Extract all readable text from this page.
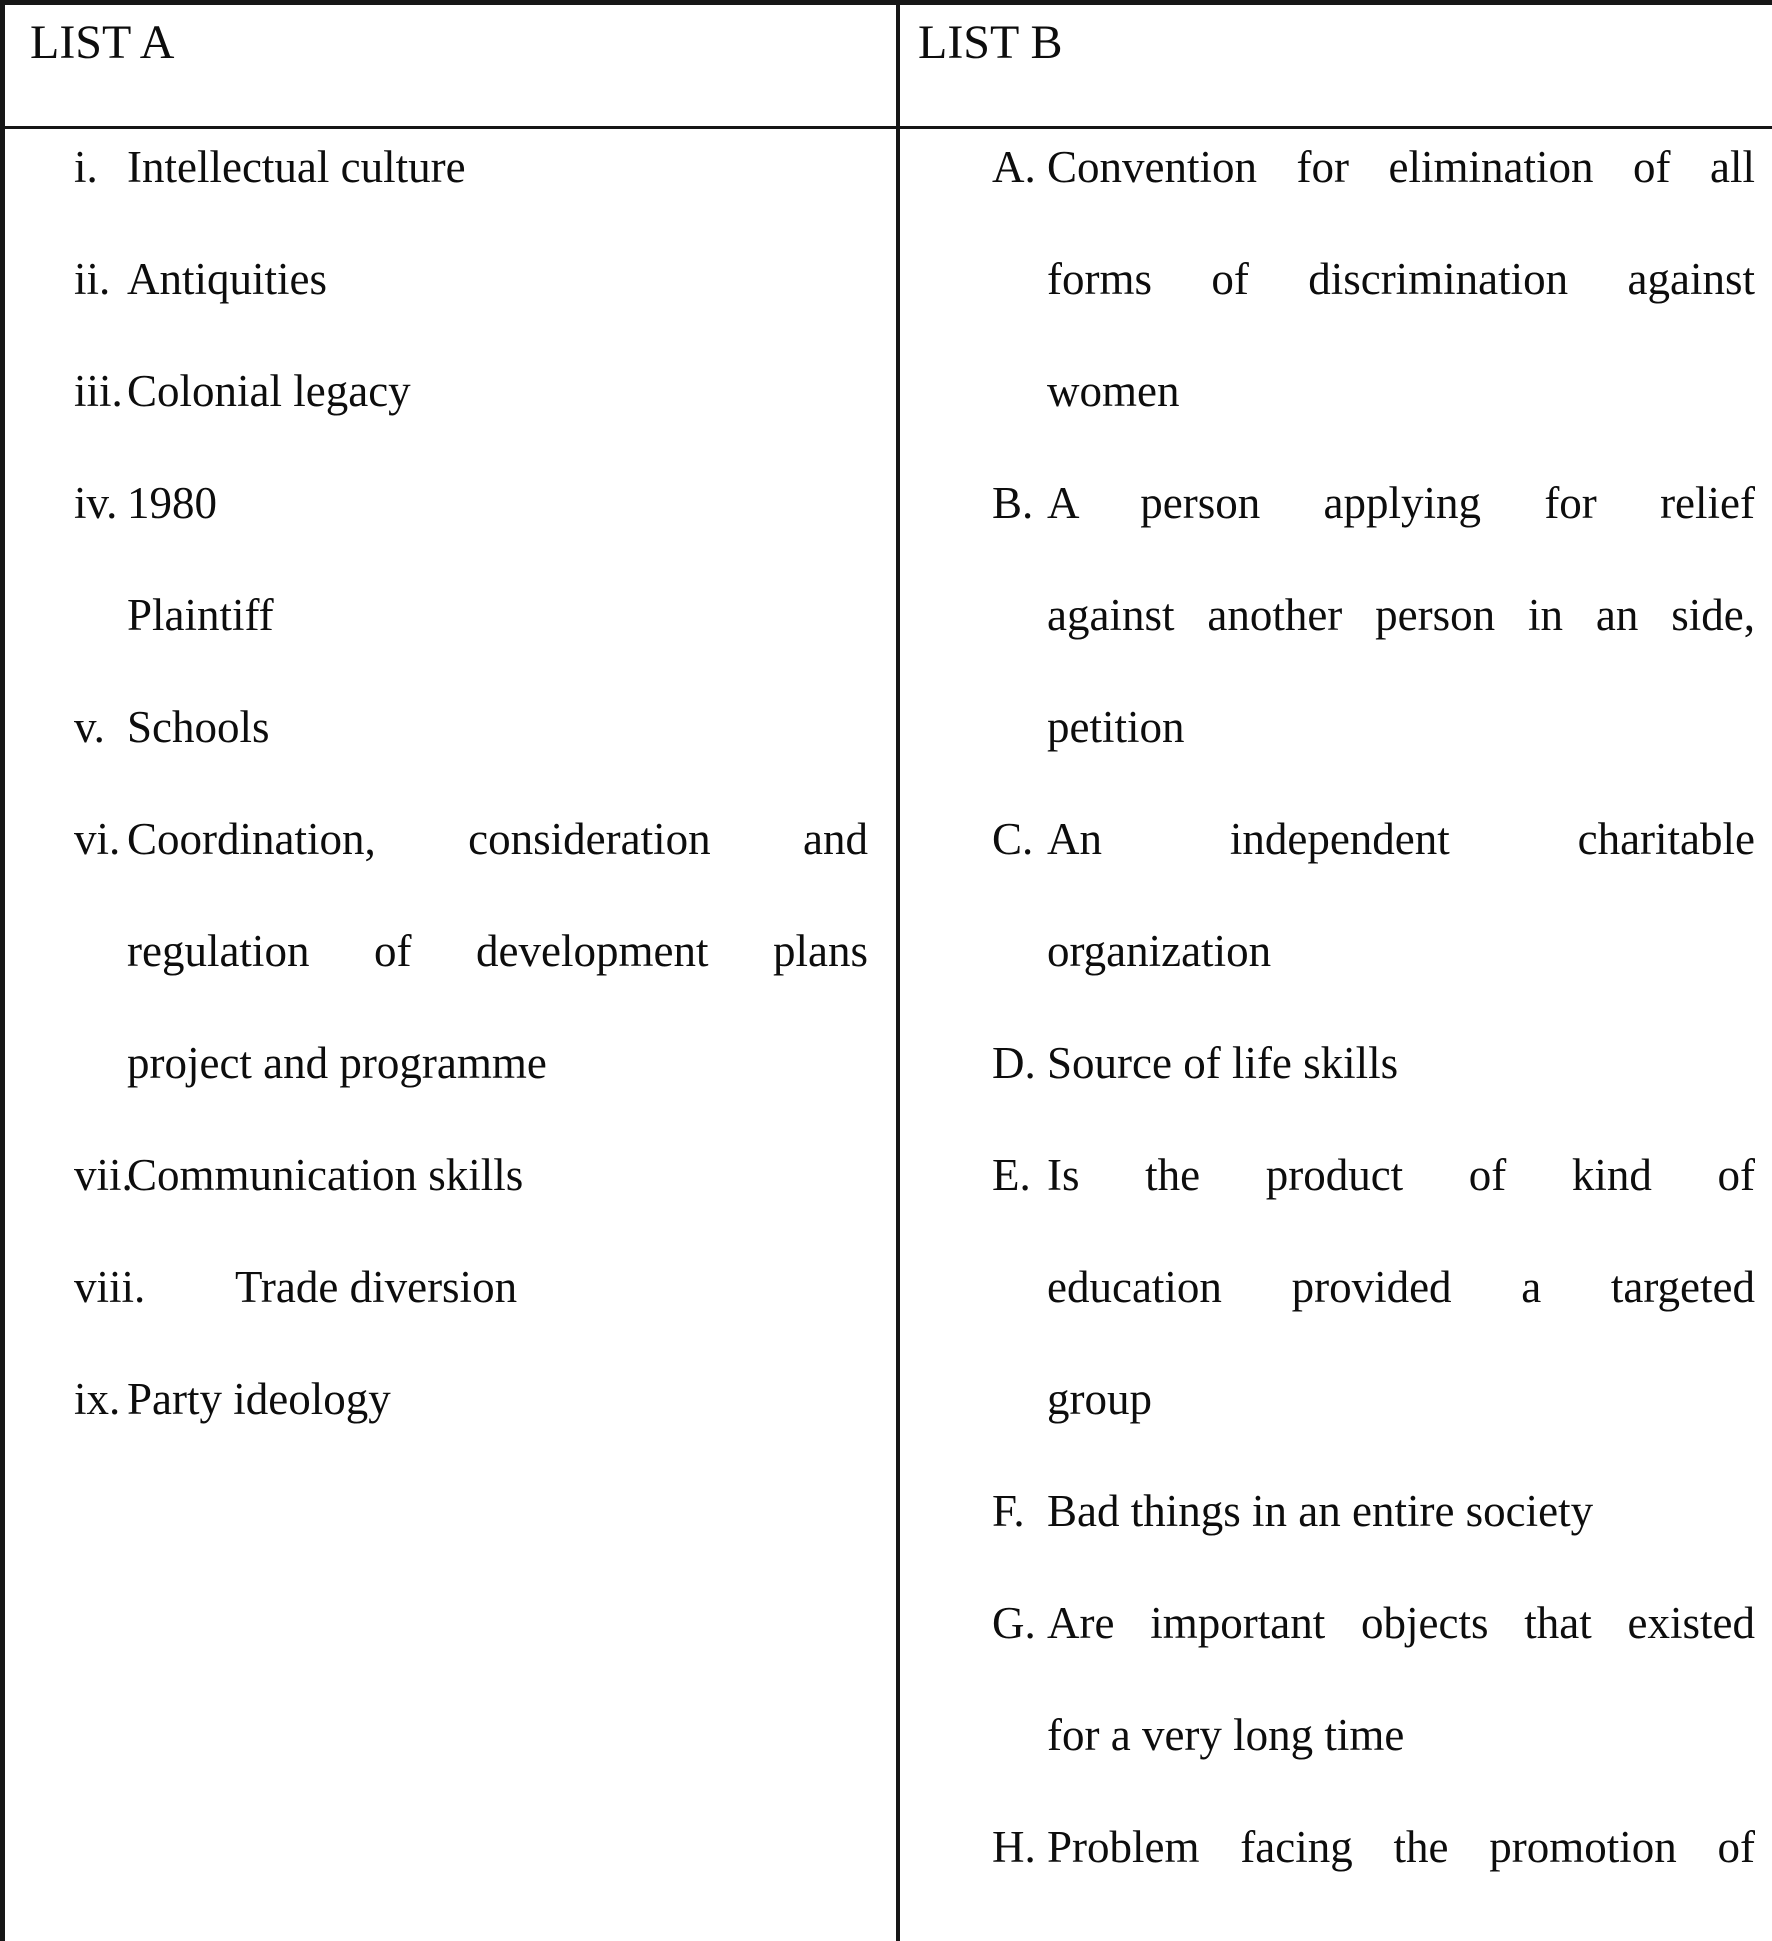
LIST A	LIST B
i. Intellectual culture
ii. Antiquities
iii. Colonial legacy
iv. 1980
Plaintiff
v. Schools
vi. Coordination, consideration and
regulation of development plans
project and programme
vii.
Communication skills
viii. Trade diversion
ix. Party ideology
A. Convention for elimination of all
forms of discrimination against
women
B. A person applying for relief
against another person in an side,
petition
C. An independent charitable
organization
D. Source of life skills
E. Is the product of kind of
education provided a targeted
group
F. Bad things in an entire society
G. Are important objects that existed
for a very long time
H. Problem facing the promotion of
